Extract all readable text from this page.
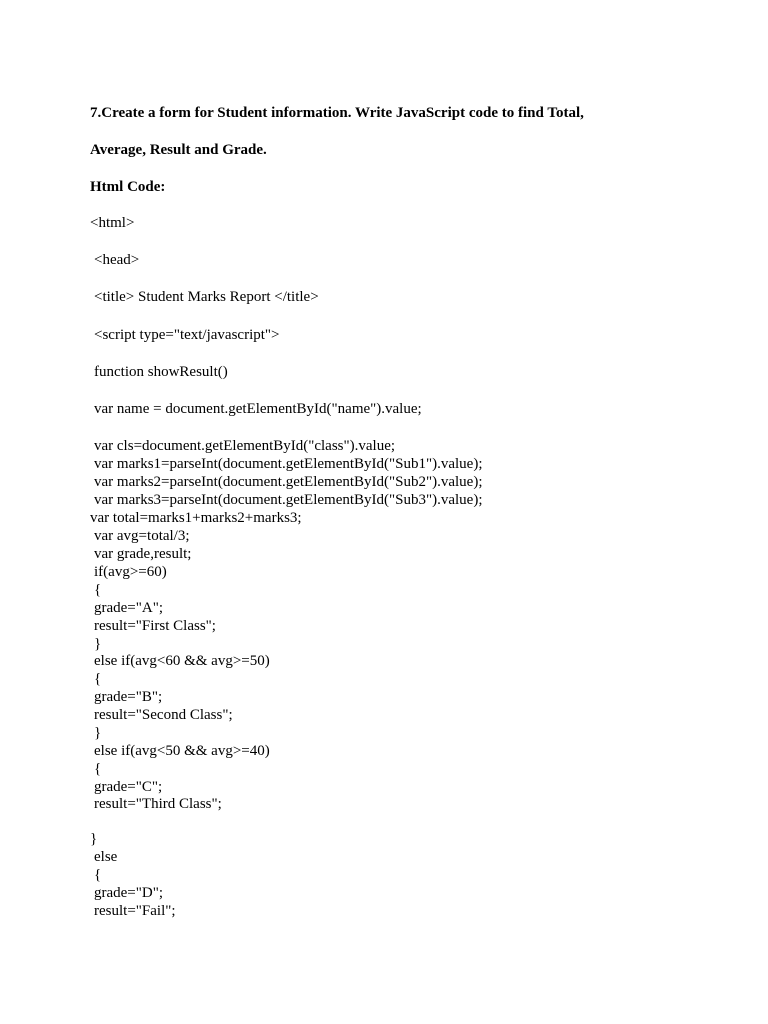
7.Create a form for Student information. Write JavaScript code to find Total,
Average, Result and Grade.
Html Code:
<html>
<head>
<title> Student Marks Report </title>
<script type="text/javascript">
function showResult()
var name = document.getElementById("name").value;
var cls=document.getElementById("class").value;
var marks1=parseInt(document.getElementById("Sub1").value);
var marks2=parseInt(document.getElementById("Sub2").value);
var marks3=parseInt(document.getElementById("Sub3").value);
var total=marks1+marks2+marks3;
var avg=total/3;
var grade,result;
if(avg>=60)
{
grade="A";
result="First Class";
}
else if(avg<60 && avg>=50)
{
grade="B";
result="Second Class";
}
else if(avg<50 && avg>=40)
{
grade="C";
result="Third Class";
}
else
{
grade="D";
result="Fail";
